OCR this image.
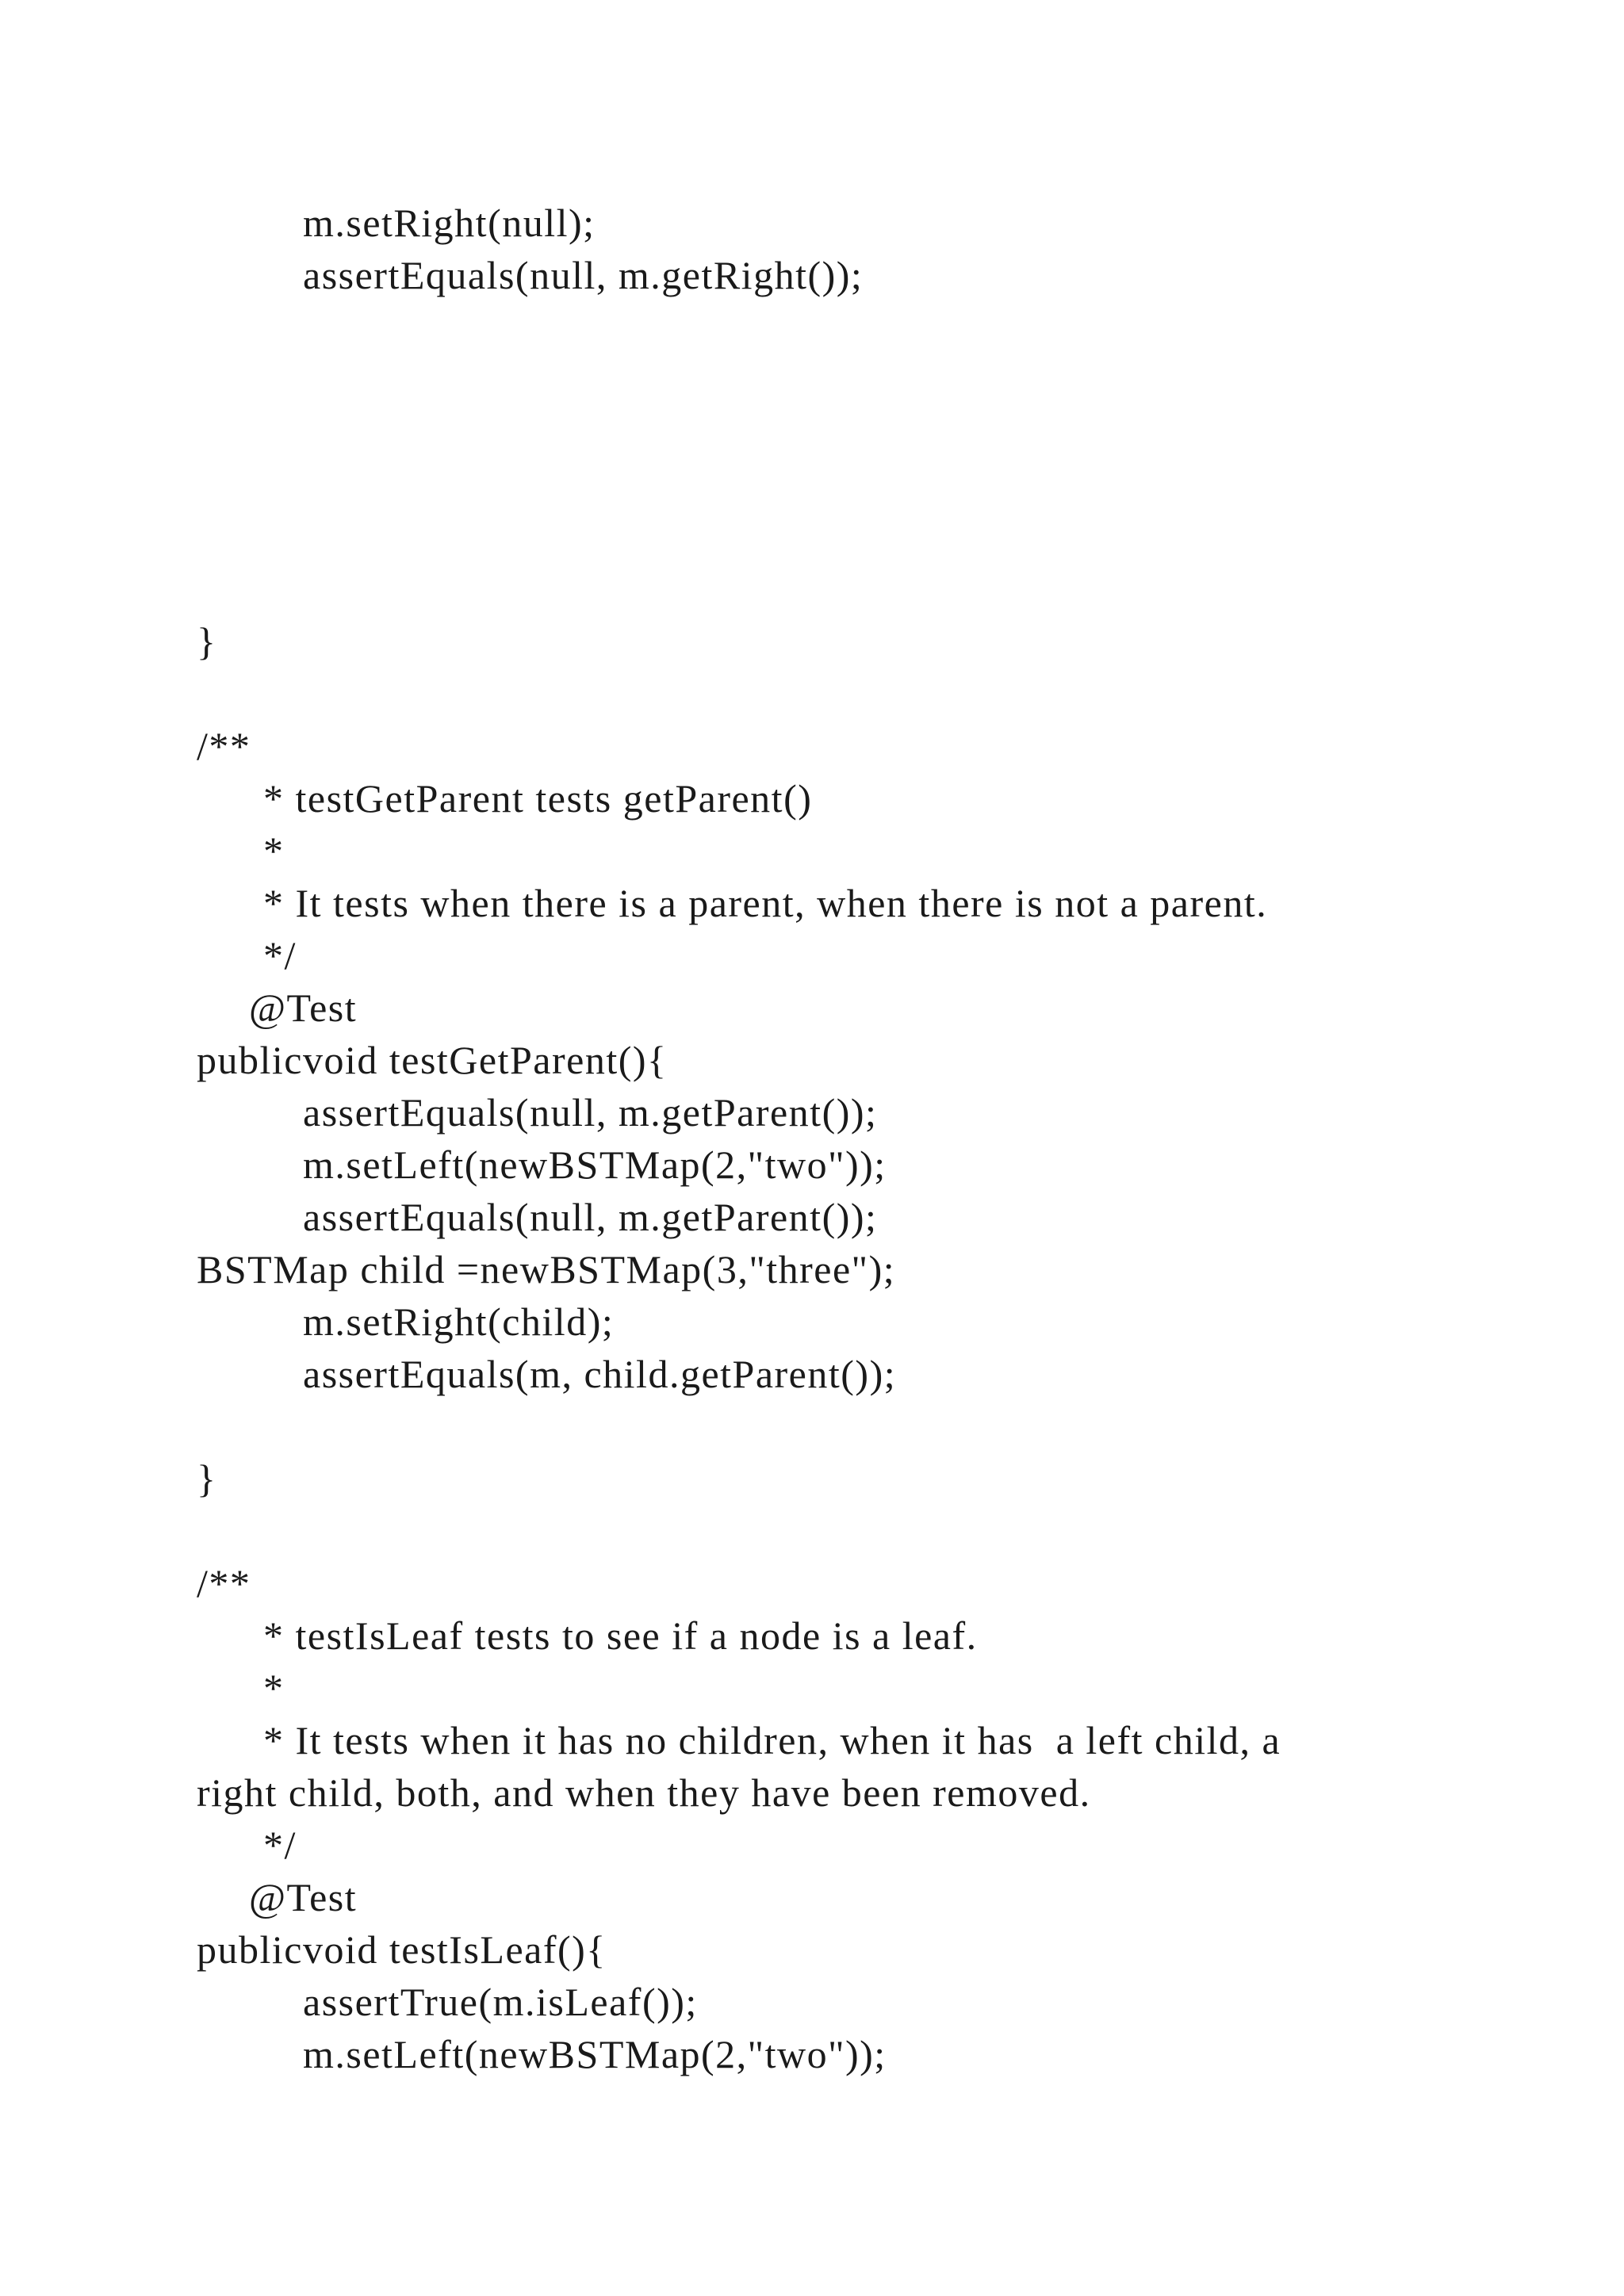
m.setRight(null);
assertEquals(null, m.getRight());
}
/**
* testGetParent tests getParent()
*
* It tests when there is a parent, when there is not a parent.
*/
@Test
publicvoid testGetParent(){
assertEquals(null, m.getParent());
m.setLeft(newBSTMap(2,"two"));
assertEquals(null, m.getParent());
BSTMap child =newBSTMap(3,"three");
m.setRight(child);
assertEquals(m, child.getParent());
}
/**
* testIsLeaf tests to see if a node is a leaf.
*
* It tests when it has no children, when it has  a left child, a
right child, both, and when they have been removed.
*/
@Test
publicvoid testIsLeaf(){
assertTrue(m.isLeaf());
m.setLeft(newBSTMap(2,"two"));
